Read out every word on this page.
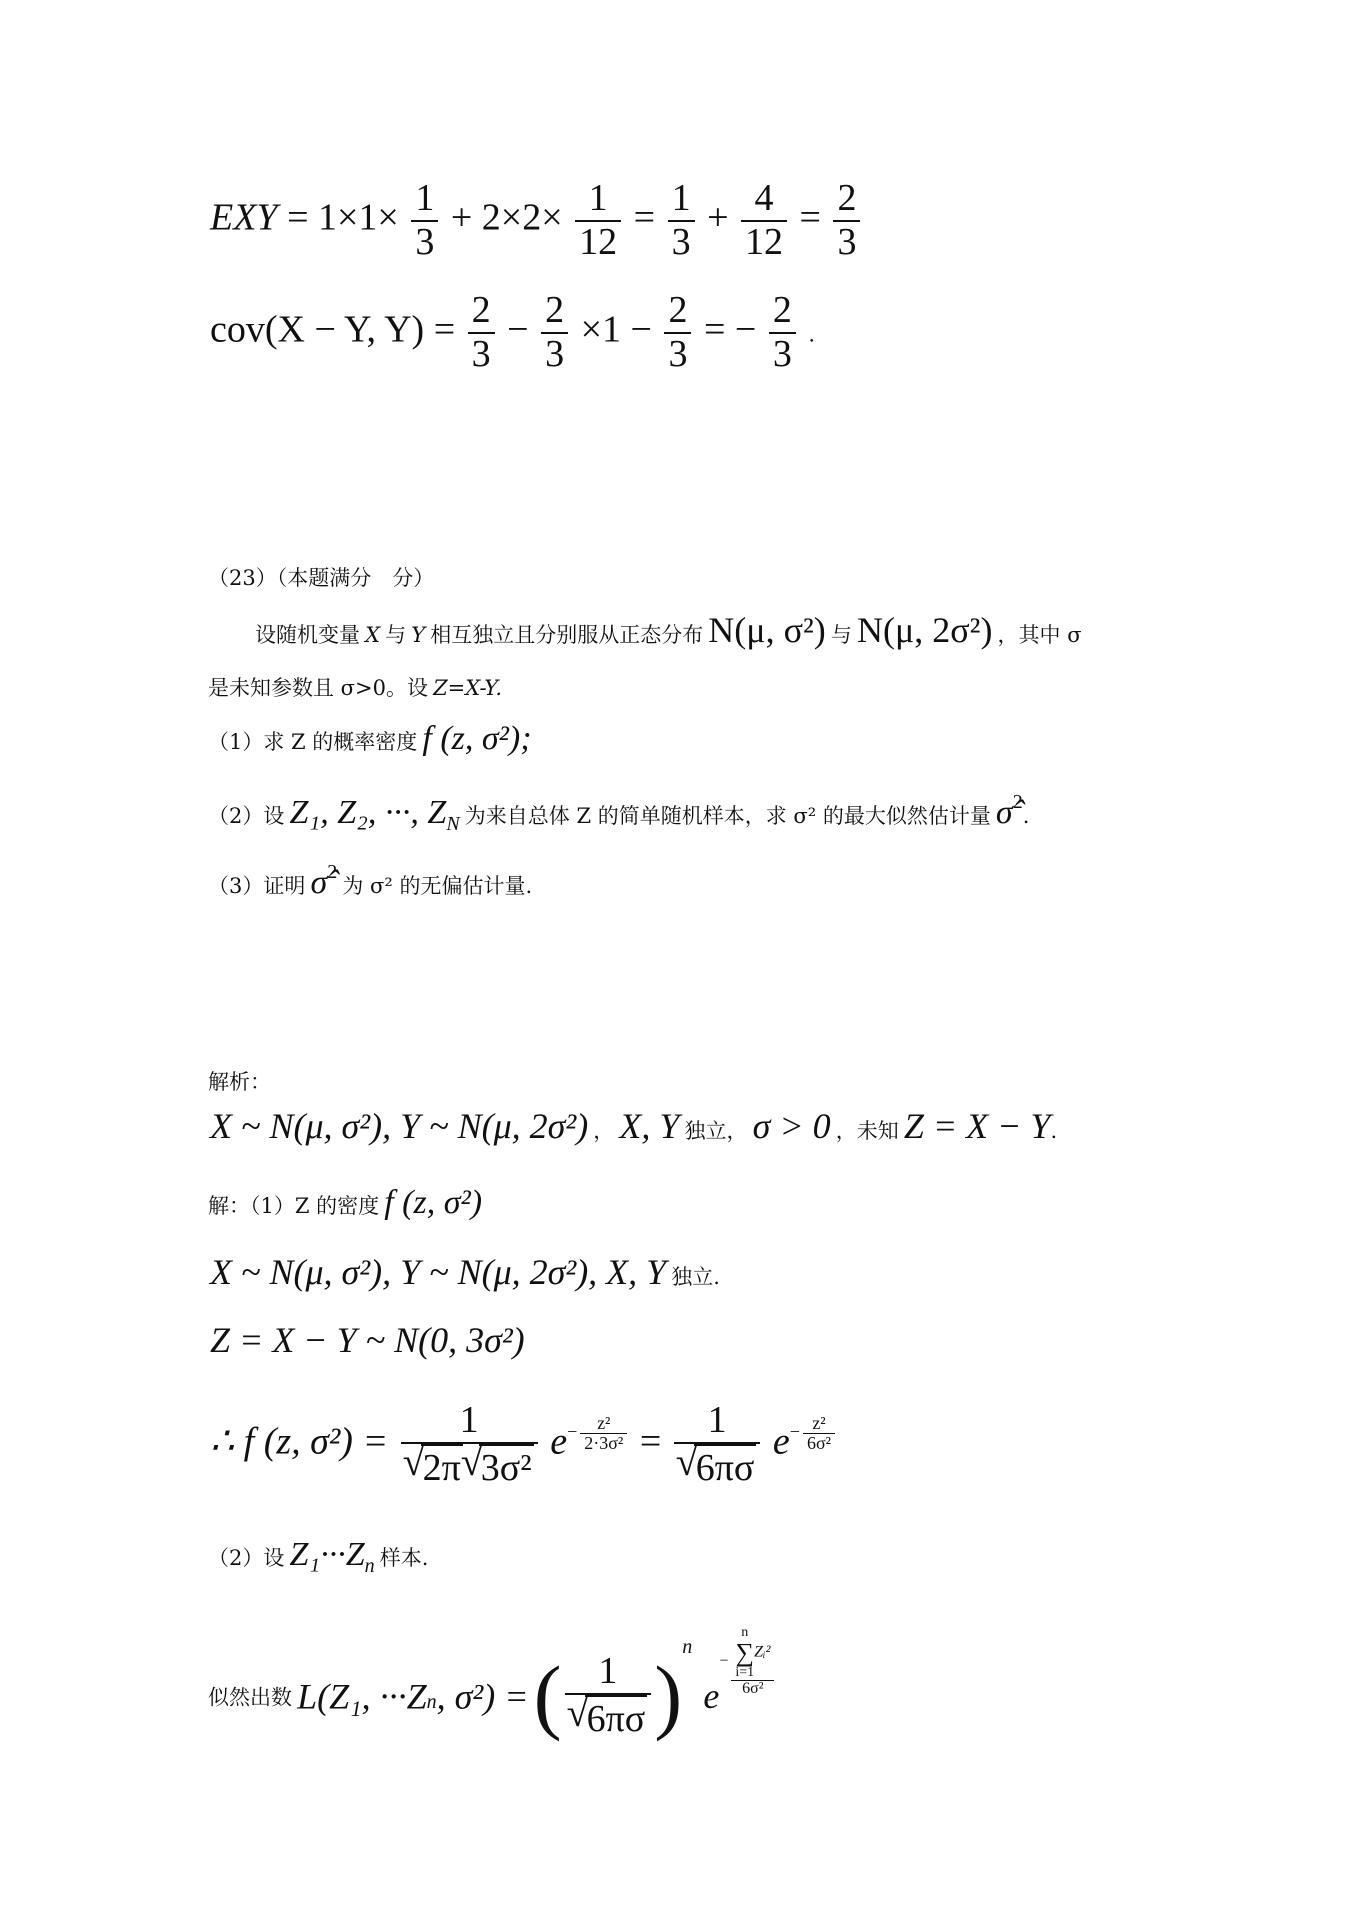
EXY = $1\times 1\times \frac{1}{3} + 2\times 2\times \frac{1}{12} = \frac{1}{3} + \frac{4}{12} = \frac{2}{3}$
cov(X − Y, $Y) = \frac{2}{3} - \frac{2}{3} \times 1 - \frac{2}{3}$ = − $\frac{2}{3}$ .
（23）（本题满分　分）
设随机变量 X 与 Y 相互独立且分别服从正态分布 N(μ, σ²) 与 N(μ, 2σ²) ，其中 σ
是未知参数且 σ>0。设 Z=X-Y.
（1）求 Z 的概率密度 f (z, σ²);
（2）设 Z₁, Z₂, ···, ZN 为来自总体 Z 的简单随机样本，求 σ² 的最大似然估计量 σ̂2.
（3）证明 σ̂2 为 σ² 的无偏估计量.
解析：
X ~ N(μ, σ²), Y ~ N(μ, 2σ²) ， X, Y 独立， σ > 0 ，未知 Z = X − Y.
解：（1）Z 的密度 f (z, σ²)
X ~ N(μ, σ²), Y ~ N(μ, 2σ²), X, Y 独立.
Z = X − Y ~ N(0, 3σ²)
∴ f (z, σ²) = 1
√ 2π√ 3σ² $e- \frac{\text{z²}}{\text{2·3σ²}} = 1$
√ 6πσ $e- \frac{\text{z²}}{\text{6σ²}}$
（2）设 Z₁···Zn 样本.
似然出数 L(Z₁, ···Zn, σ²) = ( 1
√ 6πσ )n e− n
∑
i=1Zᵢ²
6σ²
